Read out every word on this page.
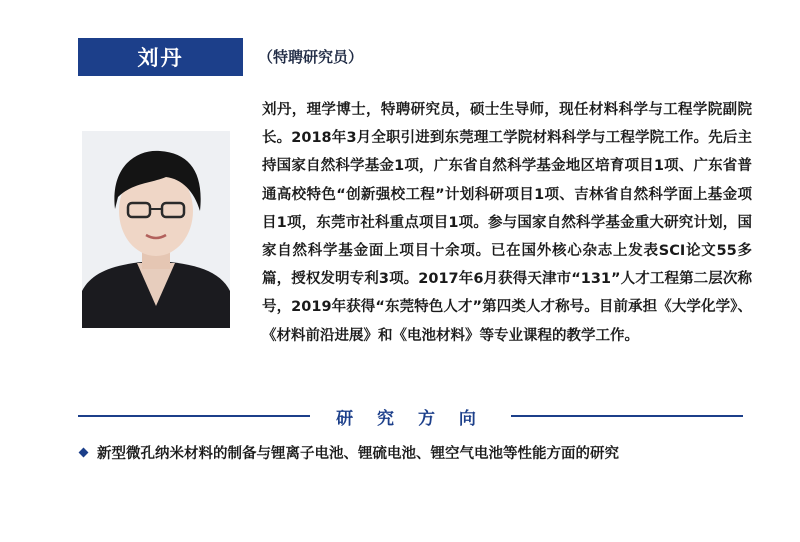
刘丹	（特聘研究员）
刘丹，理学博士，特聘研究员，硕士生导师，现任材料科学与工程学院副院长。2018年3月全职引进到东莞理工学院材料科学与工程学院工作。先后主持国家自然科学基金1项，广东省自然科学基金地区培育项目1项、广东省普通高校特色“创新强校工程”计划科研项目1项、吉林省自然科学面上基金项目1项，东莞市社科重点项目1项。参与国家自然科学基金重大研究计划，国家自然科学基金面上项目十余项。已在国外核心杂志上发表SCI论文55多篇，授权发明专利3项。2017年6月获得天津市“131”人才工程第二层次称号，2019年获得“东莞特色人才”第四类人才称号。目前承担《大学化学》、《材料前沿进展》和《电池材料》等专业课程的教学工作。
研 究 方 向
新型微孔纳米材料的制备与锂离子电池、锂硫电池、锂空气电池等性能方面的研究
